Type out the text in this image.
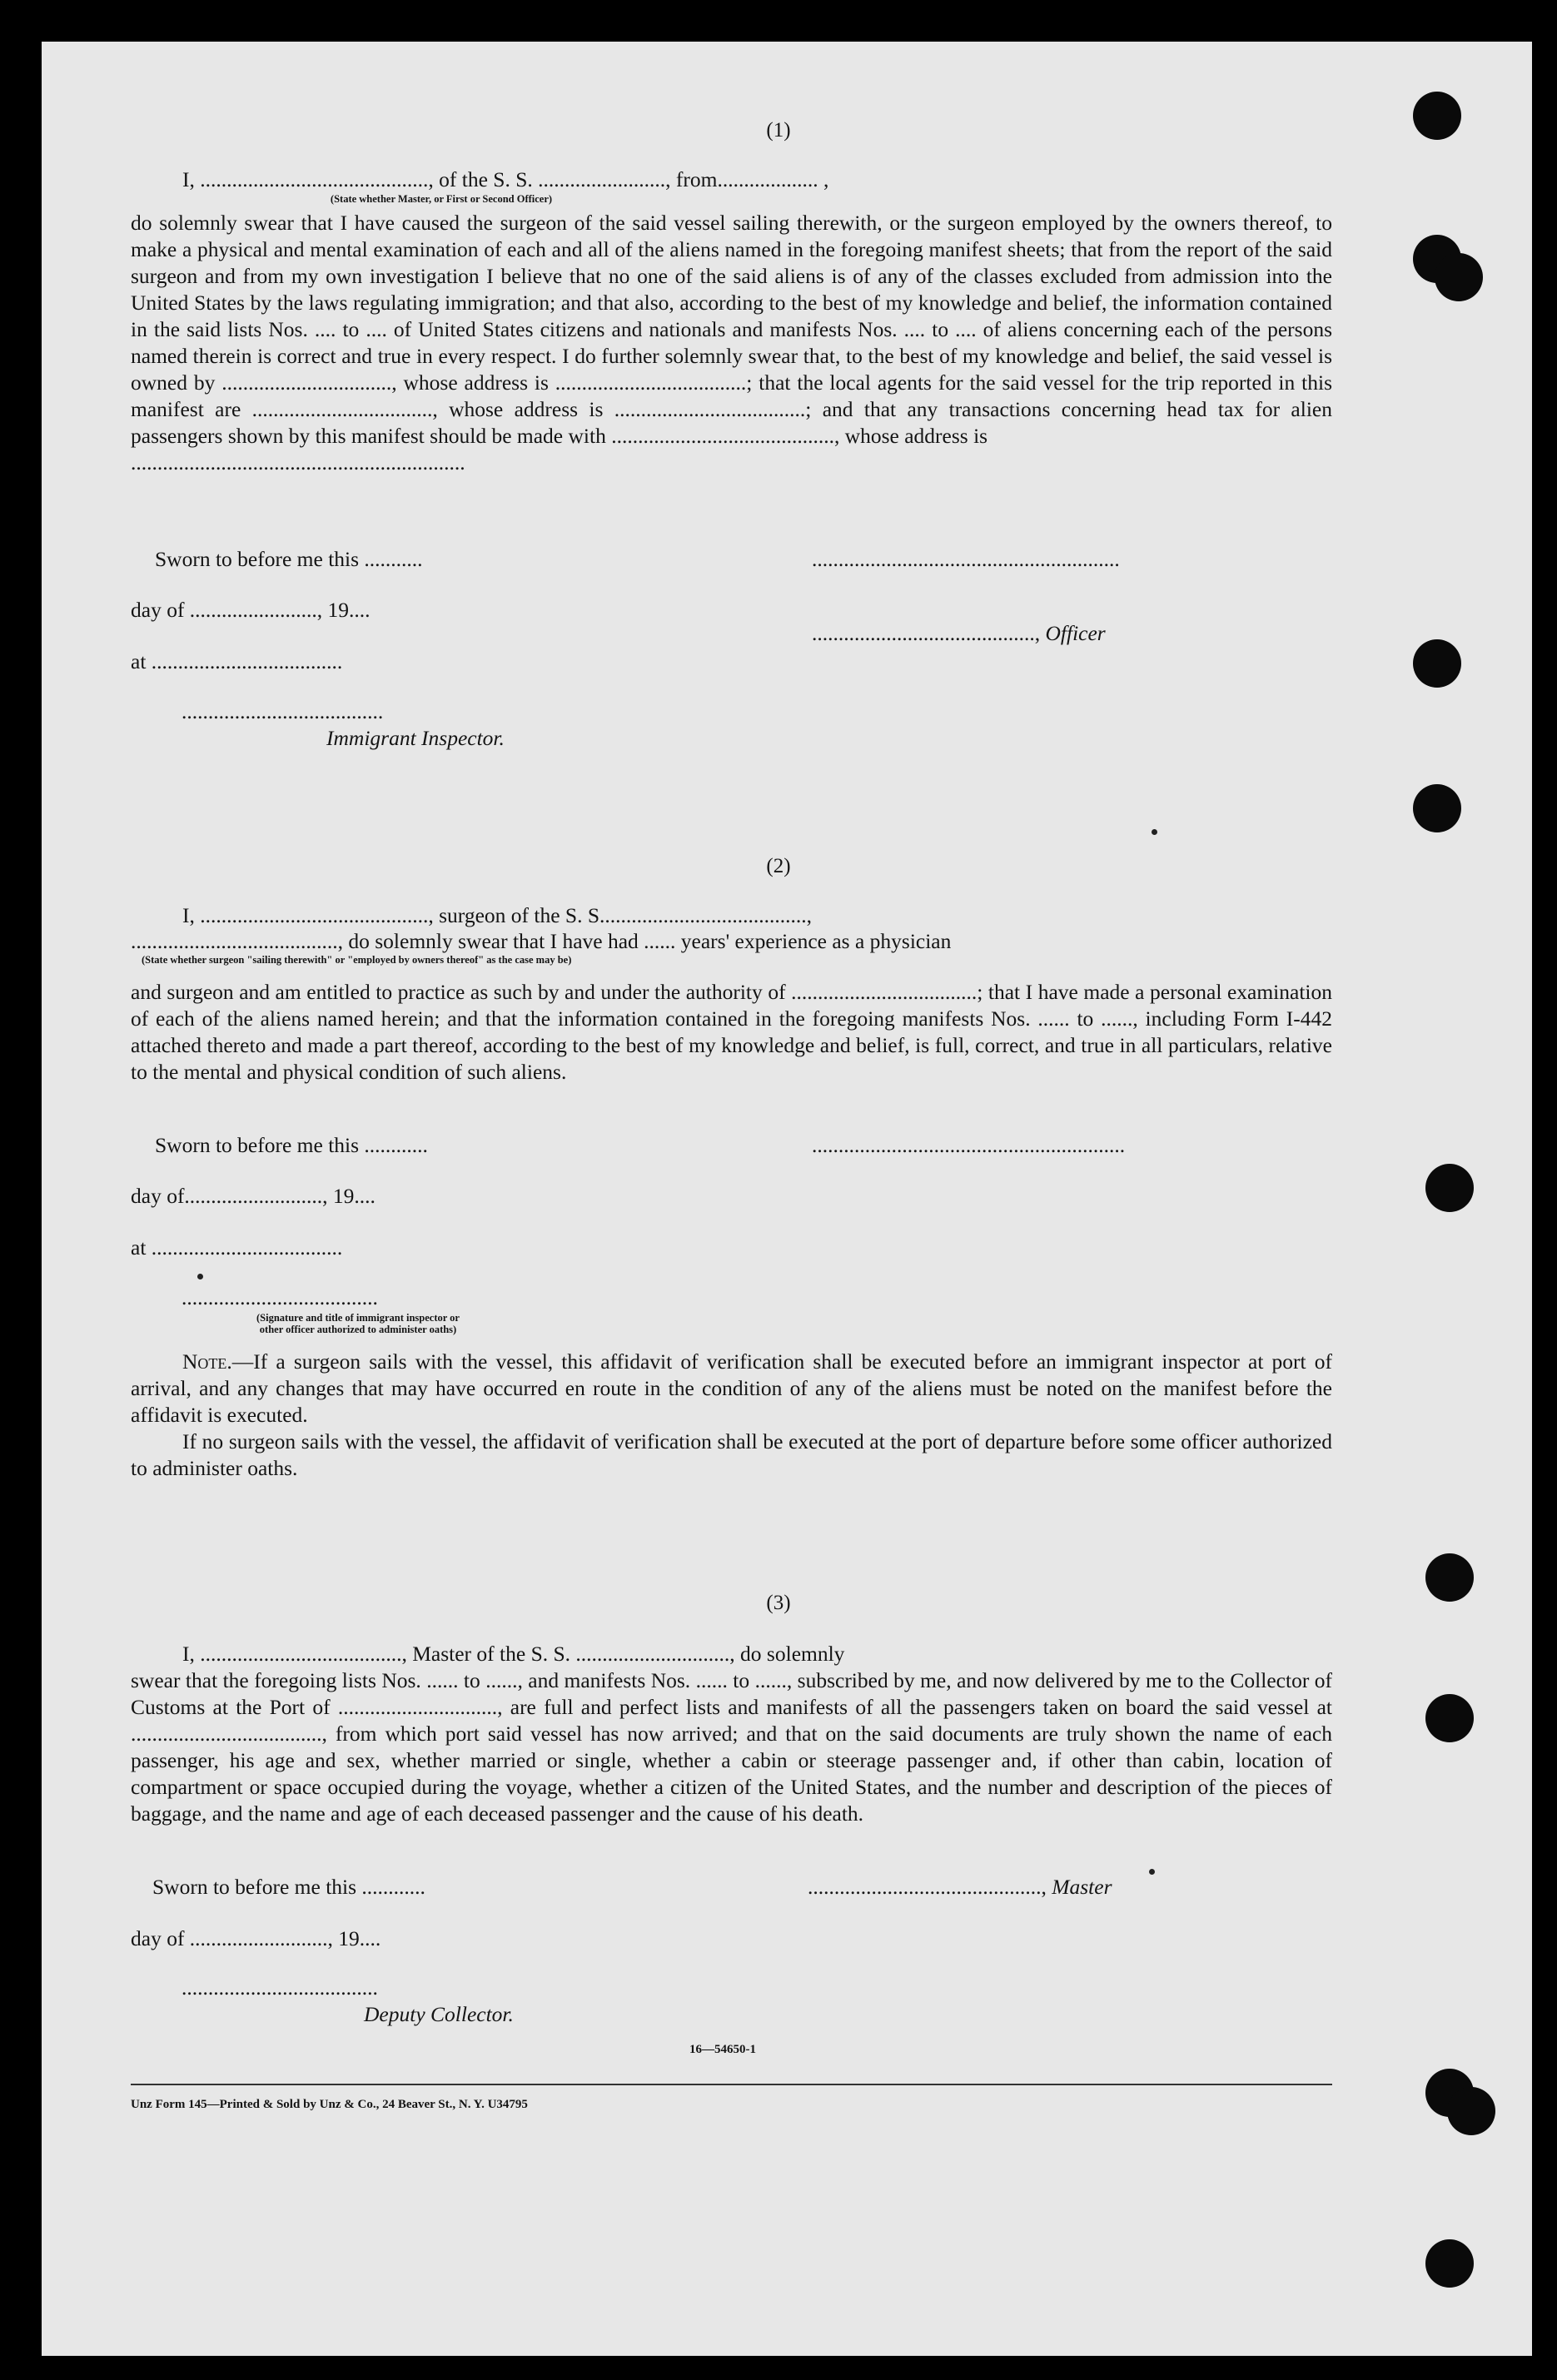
(1)
I, ..........................................., of the S. S. ........................, from................... ,
(State whether Master, or First or Second Officer)

do solemnly swear that I have caused the surgeon of the said vessel sailing therewith, or the surgeon employed by the owners thereof, to make a physical and mental examination of each and all of the aliens named in the foregoing manifest sheets; that from the report of the said surgeon and from my own investigation I believe that no one of the said aliens is of any of the classes excluded from admission into the United States by the laws regulating immigration; and that also, according to the best of my knowledge and belief, the information contained in the said lists Nos. .... to .... of United States citizens and nationals and manifests Nos. .... to .... of aliens concerning each of the persons named therein is correct and true in every respect. I do further solemnly swear that, to the best of my knowledge and belief, the said vessel is owned by ................................, whose address is ....................................; that the local agents for the said vessel for the trip reported in this manifest are .................................., whose address is ....................................; and that any transactions concerning head tax for alien passengers shown by this manifest should be made with .........................................., whose address is

...............................................................

Sworn to before me this ...........
day of ........................, 19....
at ....................................
......................................
Immigrant Inspector.
..........................................................
.........................................., Officer
(2)
I, ..........................................., surgeon of the S. S.......................................,
......................................., do solemnly swear that I have had ...... years' experience as a physician
(State whether surgeon "sailing therewith" or "employed by owners thereof" as the case may be)

and surgeon and am entitled to practice as such by and under the authority of ...................................; that I have made a personal examination of each of the aliens named herein; and that the information contained in the foregoing manifests Nos. ...... to ......, including Form I-442 attached thereto and made a part thereof, according to the best of my knowledge and belief, is full, correct, and true in all particulars, relative to the mental and physical condition of such aliens.

Sworn to before me this ............
day of.........................., 19....
at ....................................
.....................................
(Signature and title of immigrant inspector or
other officer authorized to administer oaths)
...........................................................

Note.—If a surgeon sails with the vessel, this affidavit of verification shall be executed before an immigrant inspector at port of arrival, and any changes that may have occurred en route in the condition of any of the aliens must be noted on the manifest before the affidavit is executed.

If no surgeon sails with the vessel, the affidavit of verification shall be executed at the port of departure before some officer authorized to administer oaths.

(3)
I, ......................................, Master of the S. S. ............................., do solemnly

swear that the foregoing lists Nos. ...... to ......, and manifests Nos. ...... to ......, subscribed by me, and now delivered by me to the Collector of Customs at the Port of .............................., are full and perfect lists and manifests of all the passengers taken on board the said vessel at ...................................., from which port said vessel has now arrived; and that on the said documents are truly shown the name of each passenger, his age and sex, whether married or single, whether a cabin or steerage passenger and, if other than cabin, location of compartment or space occupied during the voyage, whether a citizen of the United States, and the number and description of the pieces of baggage, and the name and age of each deceased passenger and the cause of his death.

Sworn to before me this ............
day of .........................., 19....
.....................................
Deputy Collector.
............................................, Master
16—54650-1
Unz Form 145—Printed & Sold by Unz & Co., 24 Beaver St., N. Y. U34795
